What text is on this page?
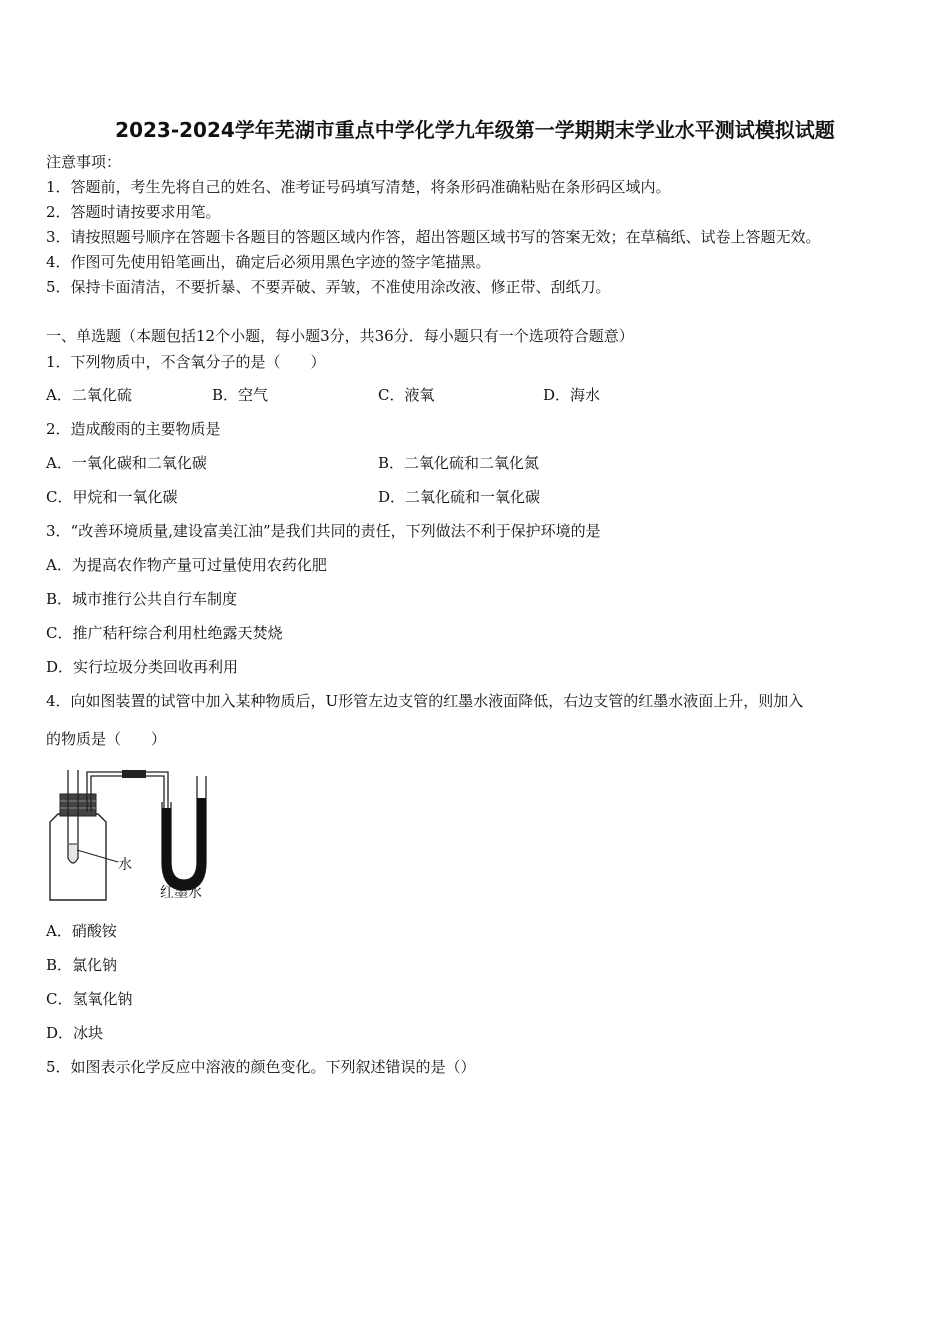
2023-2024学年芜湖市重点中学化学九年级第一学期期末学业水平测试模拟试题
注意事项：
1．答题前，考生先将自己的姓名、准考证号码填写清楚，将条形码准确粘贴在条形码区域内。
2．答题时请按要求用笔。
3．请按照题号顺序在答题卡各题目的答题区域内作答，超出答题区域书写的答案无效；在草稿纸、试卷上答题无效。
4．作图可先使用铅笔画出，确定后必须用黑色字迹的签字笔描黑。
5．保持卡面清洁，不要折暴、不要弄破、弄皱，不准使用涂改液、修正带、刮纸刀。
一、单选题（本题包括12个小题，每小题3分，共36分．每小题只有一个选项符合题意）
1．下列物质中，不含氧分子的是（　　）
A．二氧化硫	B．空气	C．液氧	D．海水
2．造成酸雨的主要物质是
A．一氧化碳和二氧化碳	B．二氧化硫和二氧化氮
C．甲烷和一氧化碳	D．二氧化硫和一氧化碳
3．“改善环境质量,建设富美江油”是我们共同的责任，下列做法不利于保护环境的是
A．为提高农作物产量可过量使用农药化肥
B．城市推行公共自行车制度
C．推广秸秆综合利用杜绝露天焚烧
D．实行垃圾分类回收再利用
4．向如图装置的试管中加入某种物质后，U形管左边支管的红墨水液面降低，右边支管的红墨水液面上升，则加入
的物质是（　　）
水
红墨水
A．硝酸铵
B．氯化钠
C．氢氧化钠
D．冰块
5．如图表示化学反应中溶液的颜色变化。下列叙述错误的是（）
